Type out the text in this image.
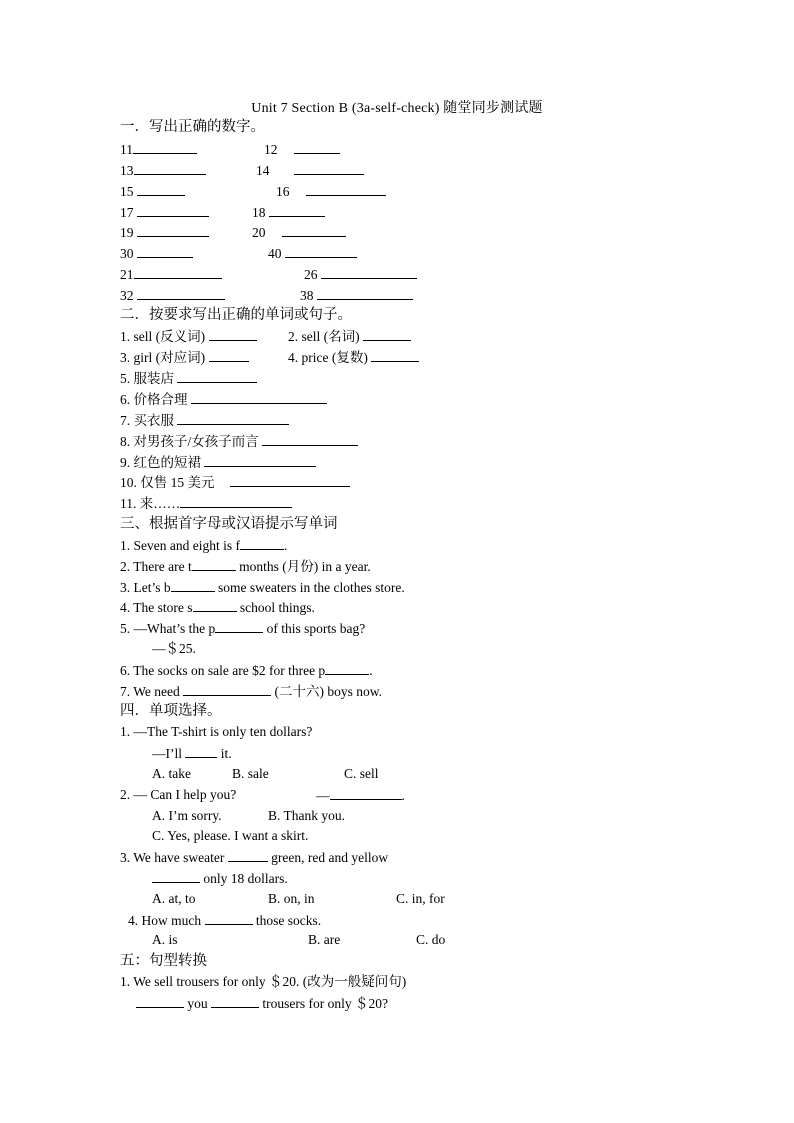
Unit 7 Section B (3a-self-check) 随堂同步测试题
一．写出正确的数字。
11	12
13	14
15	16
17	18
19	20
30	40
21	26
32	38
二．按要求写出正确的单词或句子。
1. sell (反义词)	2. sell (名词)
3. girl (对应词)	4. price (复数)
5. 服装店
6. 价格合理
7. 买衣服
8. 对男孩子/女孩子而言
9. 红色的短裙
10. 仅售 15 美元
11. 来……
三、根据首字母或汉语提示写单词
1. Seven and eight is f	.
2. There are t	months (月份) in a year.
3. Let’s b	some sweaters in the clothes store.
4. The store s	school things.
5. —What’s the p	of this sports bag?
—＄25.
6. The socks on sale are $2 for three p	.
7. We need	(二十六) boys now.
四．单项选择。
1. —The T-shirt is only ten dollars?
—I’ll	it.
A. take	B. sale	C. sell
2. — Can I help you?	—	.
A. I’m sorry.	B. Thank you.
C. Yes, please. I want a skirt.
3. We have sweater	green, red and yellow
only 18 dollars.
A. at, to	B. on, in	C. in, for
4. How much	those socks.
A. is	B. are	C. do
五：句型转换
1. We sell trousers for only ＄20. (改为一般疑问句)
you	trousers for only ＄20?
